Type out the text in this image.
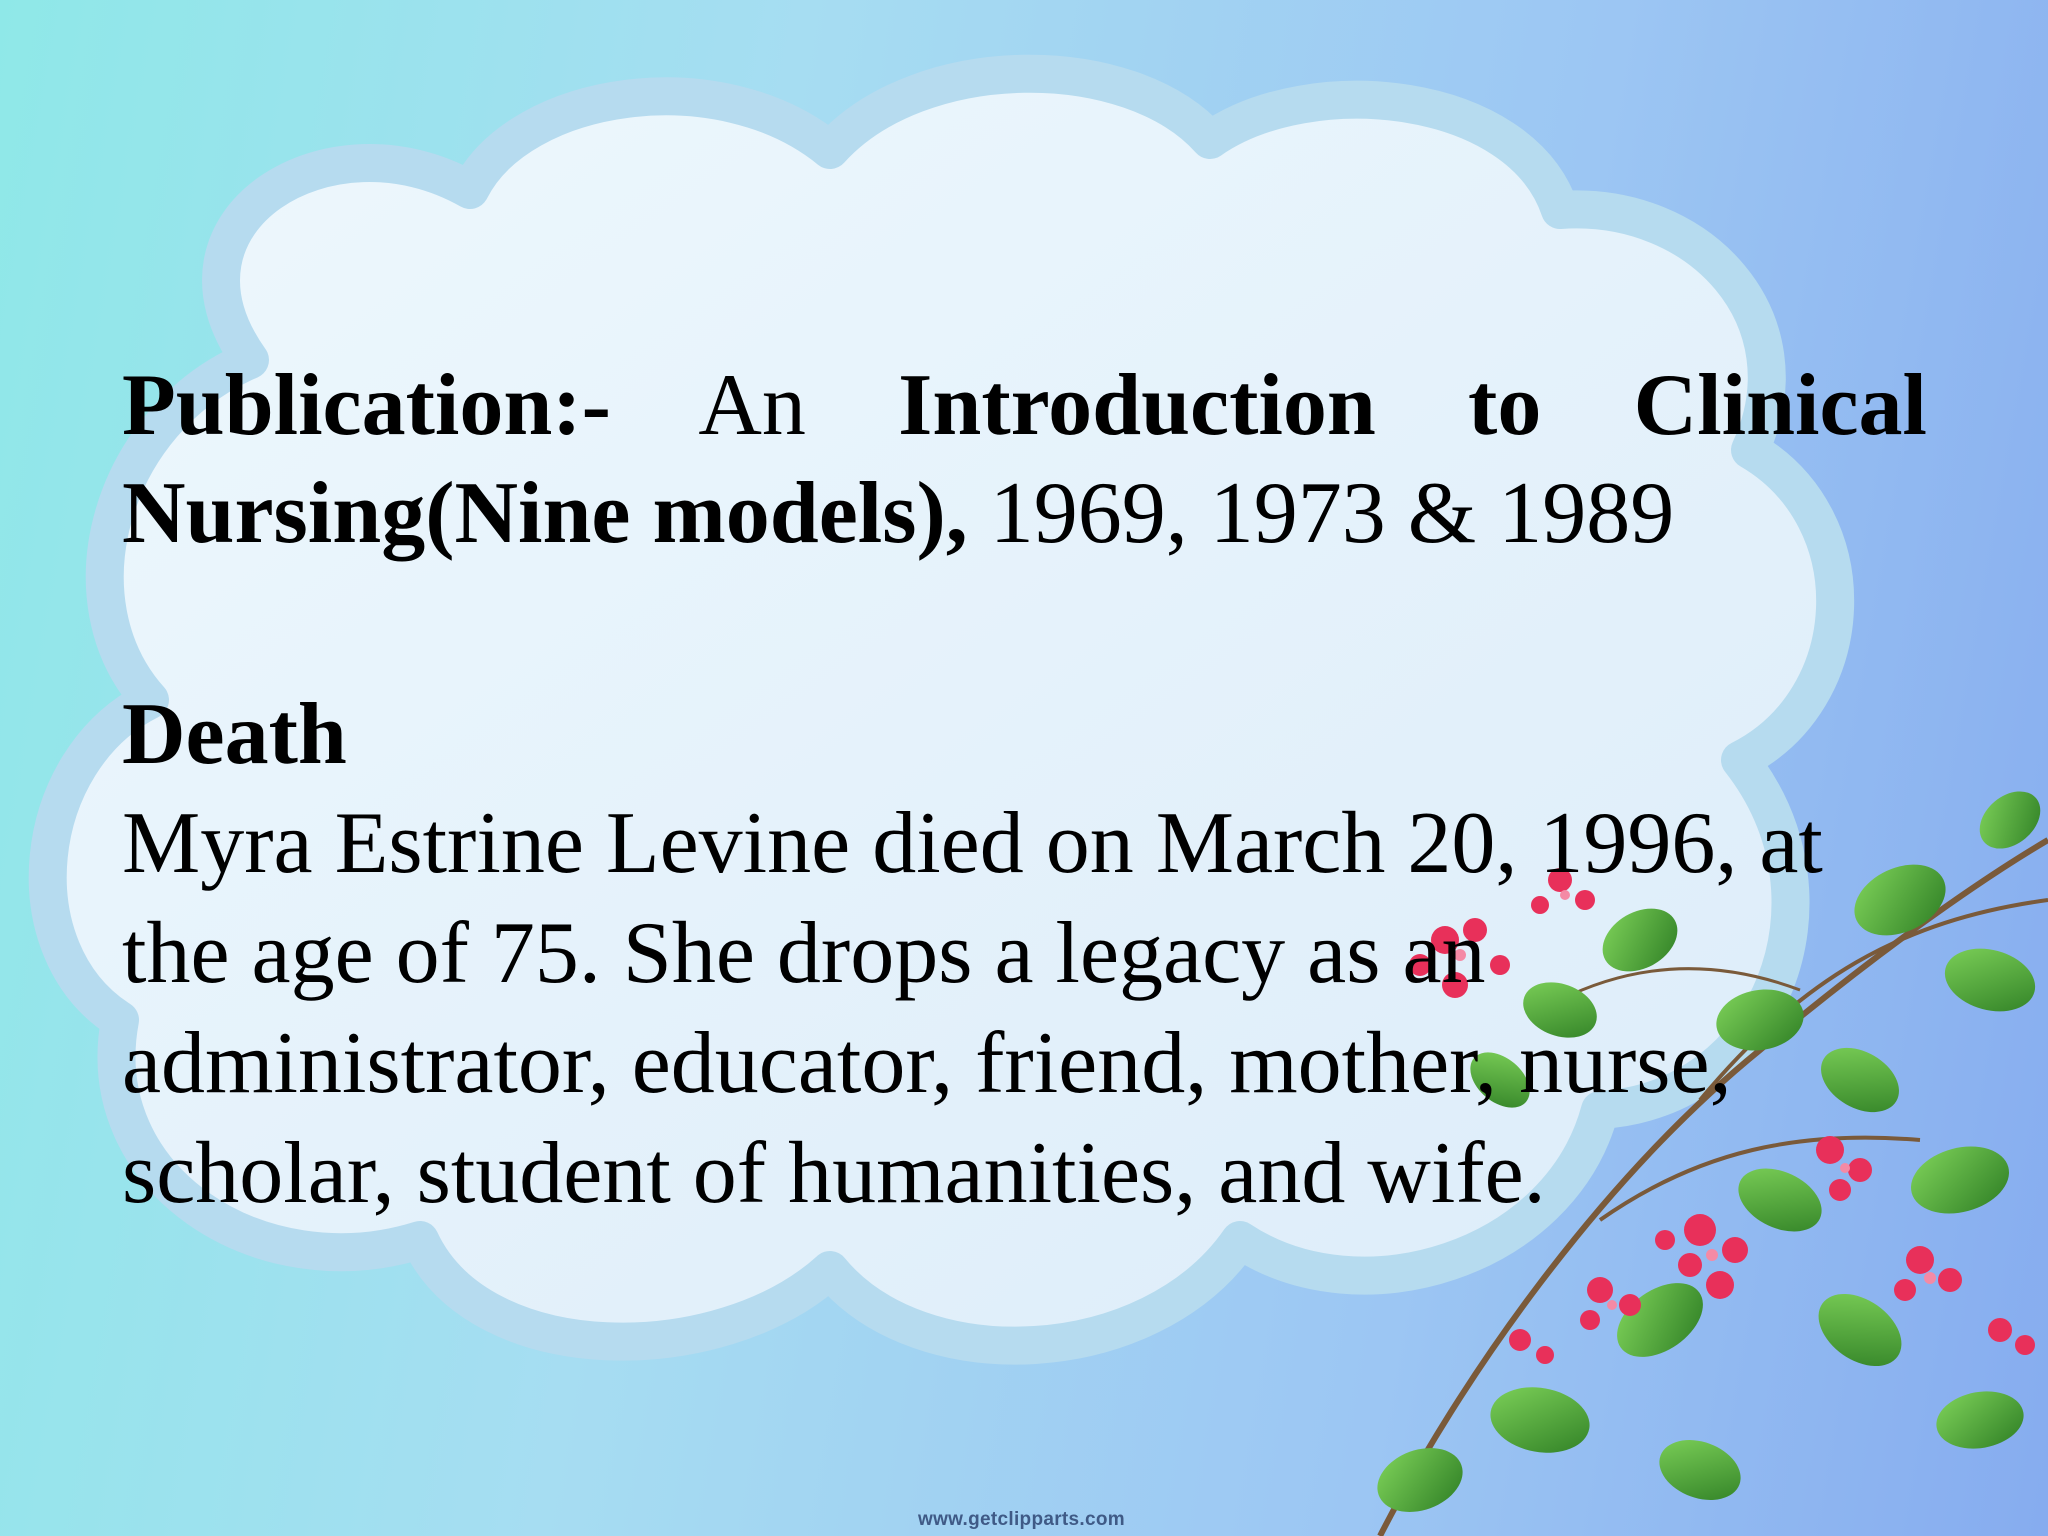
Publication:- An Introduction to Clinical Nursing(Nine models), 1969, 1973 & 1989

Death

Myra Estrine Levine died on March 20, 1996, at the age of 75. She drops a legacy as an administrator, educator, friend, mother, nurse, scholar, student of humanities, and wife.

www.getclipparts.com
